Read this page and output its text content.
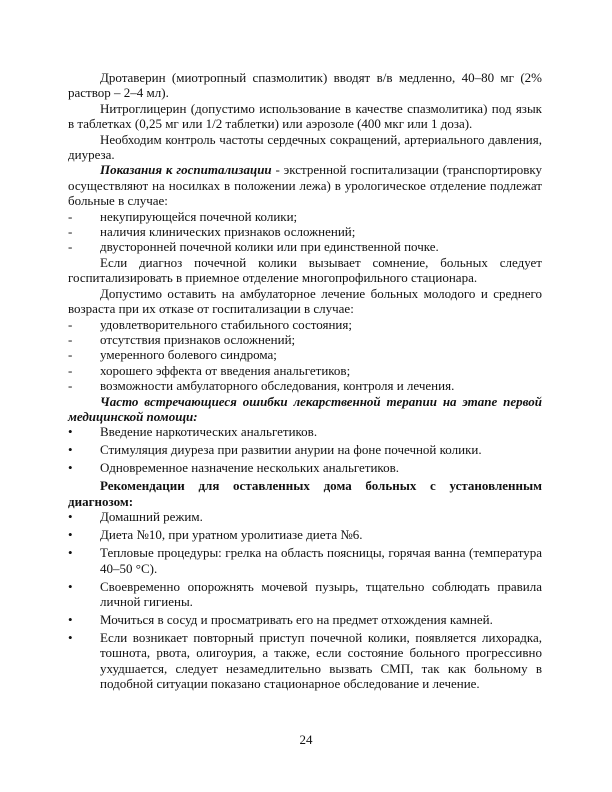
Дротаверин (миотропный спазмолитик) вводят в/в медленно, 40–80 мг (2% раствор – 2–4 мл).

Нитроглицерин (допустимо использование в качестве спазмолитика) под язык в таблетках (0,25 мг или 1/2 таблетки) или аэрозоле (400 мкг или 1 доза).

Необходим контроль частоты сердечных сокращений, артериального давления, диуреза.

Показания к госпитализации - экстренной госпитализации (транспортировку осуществляют на носилках в положении лежа) в урологическое отделение подлежат больные в случае:

-	некупирующейся почечной колики;
-	наличия клинических признаков осложнений;
-	двусторонней почечной колики или при единственной почке.

Если диагноз почечной колики вызывает сомнение, больных следует госпитализировать в приемное отделение многопрофильного стационара.

Допустимо оставить на амбулаторное лечение больных молодого и среднего возраста при их отказе от госпитализации в случае:

-	удовлетворительного стабильного состояния;
-	отсутствия признаков осложнений;
-	умеренного болевого синдрома;
-	хорошего эффекта от введения анальгетиков;
-	возможности амбулаторного обследования, контроля и лечения.

Часто встречающиеся ошибки лекарственной терапии на этапе первой медицинской помощи:

•	Введение наркотических анальгетиков.
•	Стимуляция диуреза при развитии анурии на фоне почечной колики.
•	Одновременное назначение нескольких анальгетиков.

Рекомендации для оставленных дома больных с установленным диагнозом:

•	Домашний режим.
•	Диета №10, при уратном уролитиазе диета №6.
•	Тепловые процедуры: грелка на область поясницы, горячая ванна (температура 40–50 °С).
•	Своевременно опорожнять мочевой пузырь, тщательно соблюдать правила личной гигиены.
•	Мочиться в сосуд и просматривать его на предмет отхождения камней.
•	Если возникает повторный приступ почечной колики, появляется лихорадка, тошнота, рвота, олигоурия, а также, если состояние больного прогрессивно ухудшается, следует незамедлительно вызвать СМП, так как больному в подобной ситуации показано стационарное обследование и лечение.
24
